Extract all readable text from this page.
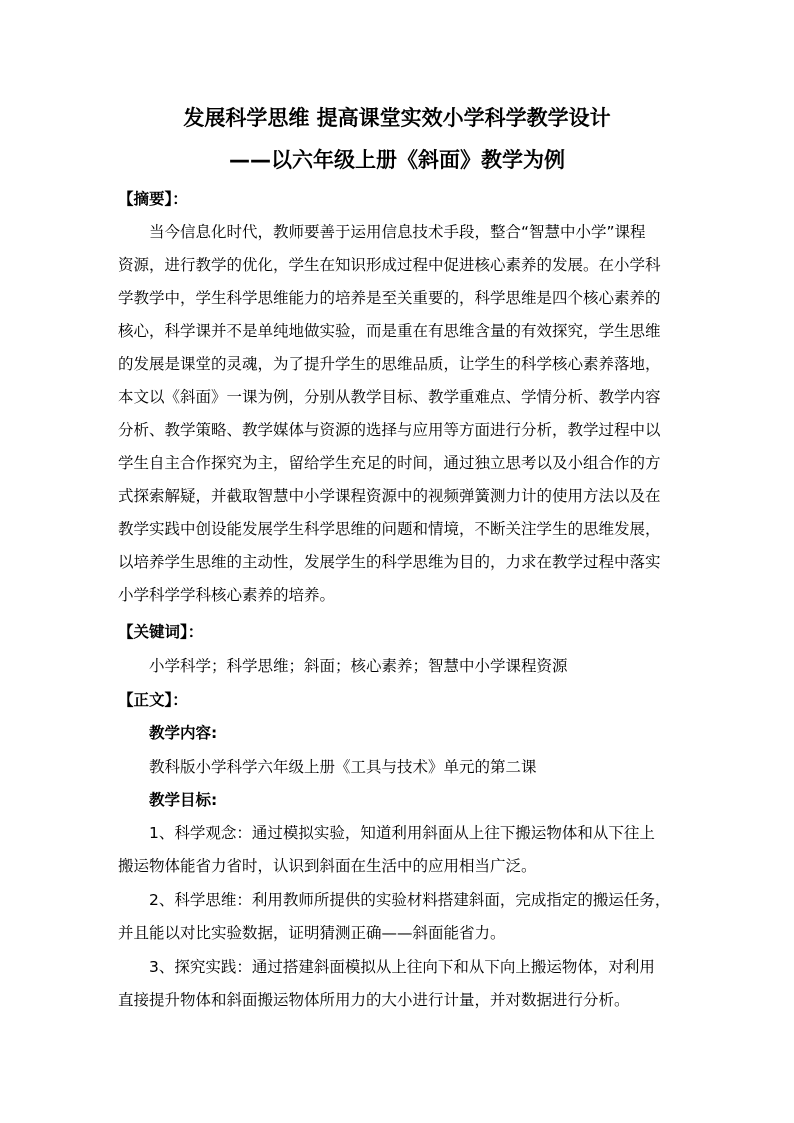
发展科学思维 提高课堂实效小学科学教学设计
——以六年级上册《斜面》教学为例
【摘要】：
当今信息化时代，教师要善于运用信息技术手段，整合“智慧中小学”课程
资源，进行教学的优化，学生在知识形成过程中促进核心素养的发展。在小学科
学教学中，学生科学思维能力的培养是至关重要的，科学思维是四个核心素养的
核心，科学课并不是单纯地做实验，而是重在有思维含量的有效探究，学生思维
的发展是课堂的灵魂，为了提升学生的思维品质，让学生的科学核心素养落地，
本文以《斜面》一课为例，分别从教学目标、教学重难点、学情分析、教学内容
分析、教学策略、教学媒体与资源的选择与应用等方面进行分析，教学过程中以
学生自主合作探究为主，留给学生充足的时间，通过独立思考以及小组合作的方
式探索解疑，并截取智慧中小学课程资源中的视频弹簧测力计的使用方法以及在
教学实践中创设能发展学生科学思维的问题和情境，不断关注学生的思维发展，
以培养学生思维的主动性，发展学生的科学思维为目的，力求在教学过程中落实
小学科学学科核心素养的培养。
【关键词】：
小学科学；科学思维；斜面；核心素养；智慧中小学课程资源
【正文】：
教学内容:
教科版小学科学六年级上册《工具与技术》单元的第二课
教学目标:
1、科学观念：通过模拟实验，知道利用斜面从上往下搬运物体和从下往上
搬运物体能省力省时，认识到斜面在生活中的应用相当广泛。
2、科学思维：利用教师所提供的实验材料搭建斜面，完成指定的搬运任务，
并且能以对比实验数据，证明猜测正确——斜面能省力。
3、探究实践：通过搭建斜面模拟从上往向下和从下向上搬运物体，对利用
直接提升物体和斜面搬运物体所用力的大小进行计量，并对数据进行分析。
